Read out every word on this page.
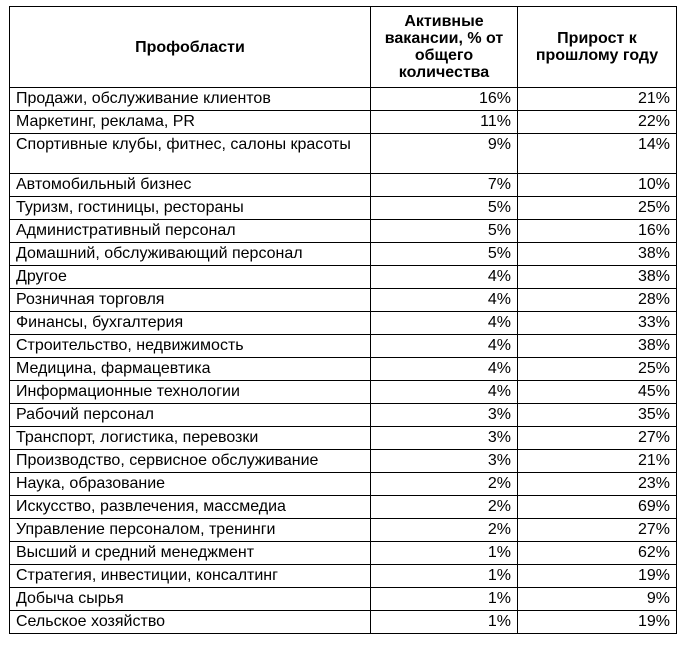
Профобласти	Активные вакансии, % от общего количества	Прирост к прошлому году

Продажи, обслуживание клиентов	16%	21%
Маркетинг, реклама, PR	11%	22%
Спортивные клубы, фитнес, салоны красоты	9%	14%
Автомобильный бизнес	7%	10%
Туризм, гостиницы, рестораны	5%	25%
Административный персонал	5%	16%
Домашний, обслуживающий персонал	5%	38%
Другое	4%	38%
Розничная торговля	4%	28%
Финансы, бухгалтерия	4%	33%
Строительство, недвижимость	4%	38%
Медицина, фармацевтика	4%	25%
Информационные технологии	4%	45%
Рабочий персонал	3%	35%
Транспорт, логистика, перевозки	3%	27%
Производство, сервисное обслуживание	3%	21%
Наука, образование	2%	23%
Искусство, развлечения, массмедиа	2%	69%
Управление персоналом, тренинги	2%	27%
Высший и средний менеджмент	1%	62%
Стратегия, инвестиции, консалтинг	1%	19%
Добыча сырья	1%	9%
Сельское хозяйство	1%	19%
